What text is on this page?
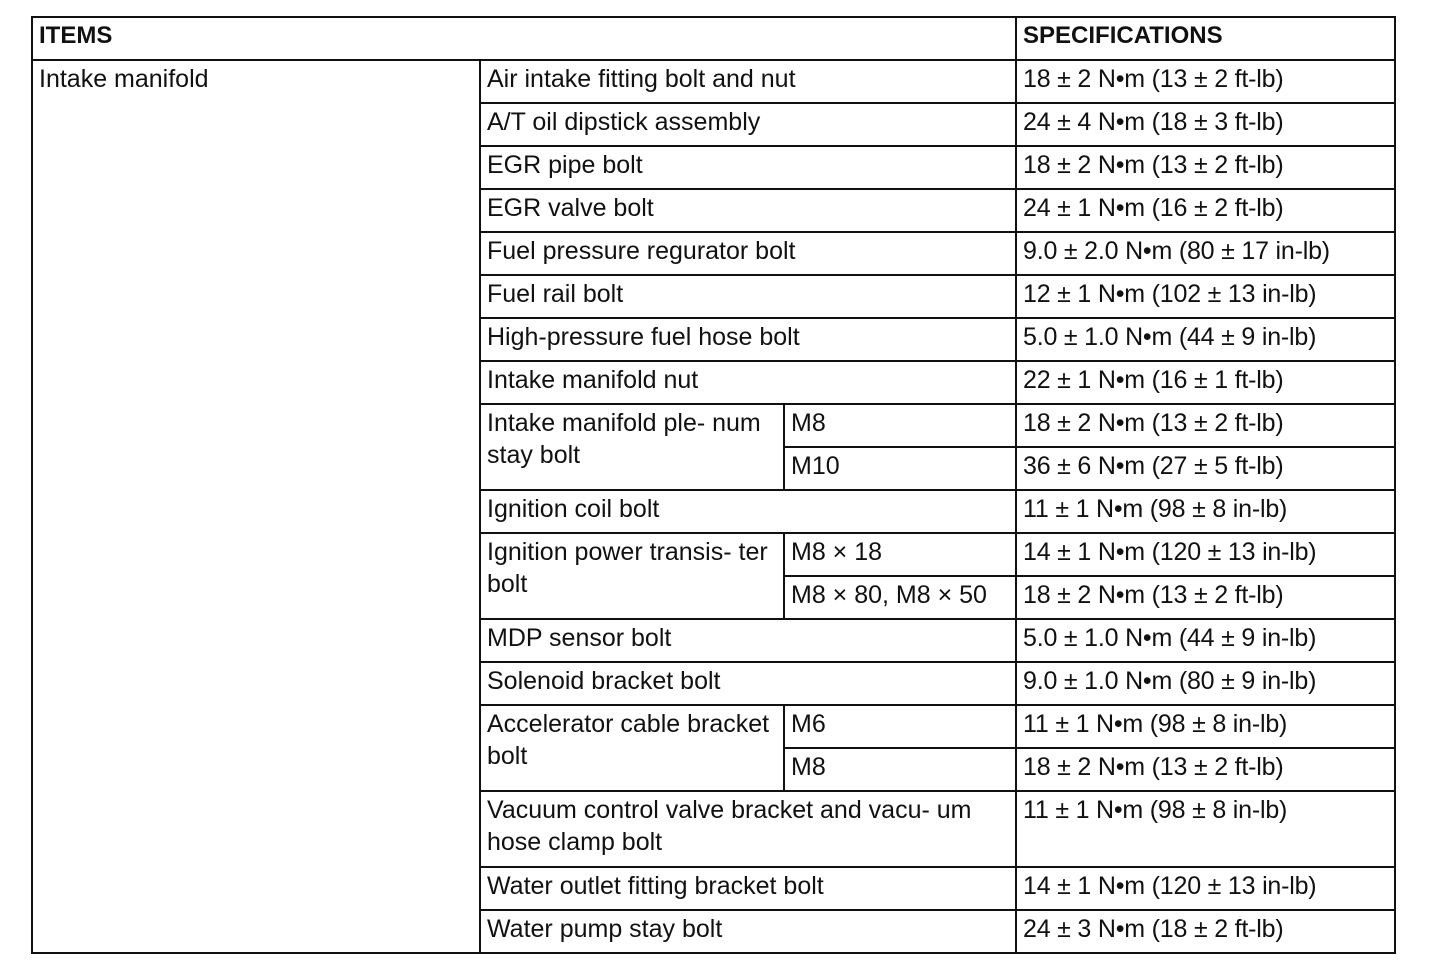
ITEMS			SPECIFICATIONS
Intake manifold	Air intake fitting bolt and nut		18 ± 2 N•m (13 ± 2 ft-lb)
	A/T oil dipstick assembly		24 ± 4 N•m (18 ± 3 ft-lb)
	EGR pipe bolt		18 ± 2 N•m (13 ± 2 ft-lb)
	EGR valve bolt		24 ± 1 N•m (16 ± 2 ft-lb)
	Fuel pressure regurator bolt		9.0 ± 2.0 N•m (80 ± 17 in-lb)
	Fuel rail bolt		12 ± 1 N•m (102 ± 13 in-lb)
	High-pressure fuel hose bolt		5.0 ± 1.0 N•m (44 ± 9 in-lb)
	Intake manifold nut		22 ± 1 N•m (16 ± 1 ft-lb)
	Intake manifold ple- num stay bolt	M8	18 ± 2 N•m (13 ± 2 ft-lb)
		M10	36 ± 6 N•m (27 ± 5 ft-lb)
	Ignition coil bolt		11 ± 1 N•m (98 ± 8 in-lb)
	Ignition power transis- ter bolt	M8 × 18	14 ± 1 N•m (120 ± 13 in-lb)
		M8 × 80, M8 × 50	18 ± 2 N•m (13 ± 2 ft-lb)
	MDP sensor bolt		5.0 ± 1.0 N•m (44 ± 9 in-lb)
	Solenoid bracket bolt		9.0 ± 1.0 N•m (80 ± 9 in-lb)
	Accelerator cable bracket bolt	M6	11 ± 1 N•m (98 ± 8 in-lb)
		M8	18 ± 2 N•m (13 ± 2 ft-lb)
	Vacuum control valve bracket and vacu- um hose clamp bolt		11 ± 1 N•m (98 ± 8 in-lb)
	Water outlet fitting bracket bolt		14 ± 1 N•m (120 ± 13 in-lb)
	Water pump stay bolt		24 ± 3 N•m (18 ± 2 ft-lb)
